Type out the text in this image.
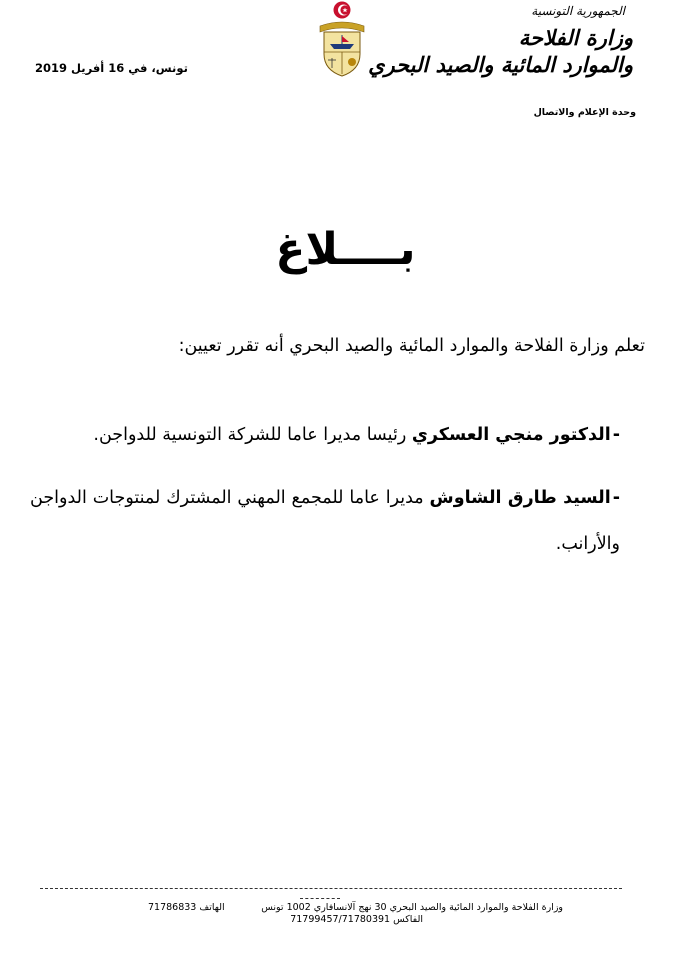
الجمهورية التونسية
وزارة الفلاحة
والموارد المائية والصيد البحري
وحدة الإعلام والاتصال
تونس، في 16 أفريل 2019
بــــلاغ
تعلم وزارة الفلاحة والموارد المائية والصيد البحري أنه تقرر تعيين:
-الدكتور منجي العسكري رئيسا مديرا عاما للشركة التونسية للدواجن.
-السيد طارق الشاوش مديرا عاما للمجمع المهني المشترك لمنتوجات الدواجن والأرانب.
وزارة الفلاحة والموارد المائية والصيد البحري 30 نهج آلانسافاري 1002 تونس
الهاتف 71786833
الفاكس 71799457/71780391
